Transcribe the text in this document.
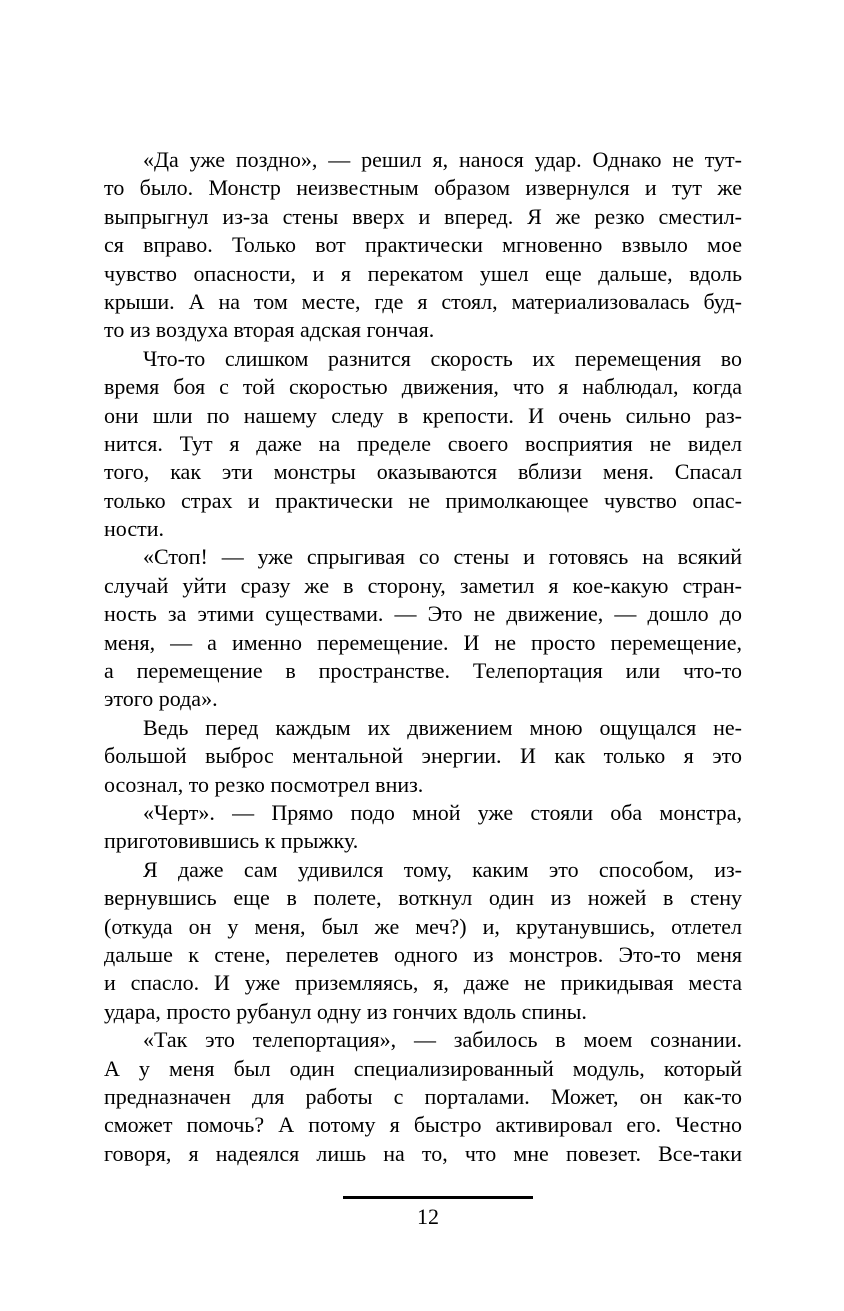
«Да уже поздно», — решил я, нанося удар. Однако не тут-
то было. Монстр неизвестным образом извернулся и тут же
выпрыгнул из-за стены вверх и вперед. Я же резко сместил-
ся вправо. Только вот практически мгновенно взвыло мое
чувство опасности, и я перекатом ушел еще дальше, вдоль
крыши. А на том месте, где я стоял, материализовалась буд-
то из воздуха вторая адская гончая.
Что-то слишком разнится скорость их перемещения во
время боя с той скоростью движения, что я наблюдал, когда
они шли по нашему следу в крепости. И очень сильно раз-
нится. Тут я даже на пределе своего восприятия не видел
того, как эти монстры оказываются вблизи меня. Спасал
только страх и практически не примолкающее чувство опас-
ности.
«Стоп! — уже спрыгивая со стены и готовясь на всякий
случай уйти сразу же в сторону, заметил я кое-какую стран-
ность за этими существами. — Это не движение, — дошло до
меня, — а именно перемещение. И не просто перемещение,
а перемещение в пространстве. Телепортация или что-то
этого рода».
Ведь перед каждым их движением мною ощущался не-
большой выброс ментальной энергии. И как только я это
осознал, то резко посмотрел вниз.
«Черт». — Прямо подо мной уже стояли оба монстра,
приготовившись к прыжку.
Я даже сам удивился тому, каким это способом, из-
вернувшись еще в полете, воткнул один из ножей в стену
(откуда он у меня, был же меч?) и, крутанувшись, отлетел
дальше к стене, перелетев одного из монстров. Это-то меня
и спасло. И уже приземляясь, я, даже не прикидывая места
удара, просто рубанул одну из гончих вдоль спины.
«Так это телепортация», — забилось в моем сознании.
А у меня был один специализированный модуль, который
предназначен для работы с порталами. Может, он как-то
сможет помочь? А потому я быстро активировал его. Честно
говоря, я надеялся лишь на то, что мне повезет. Все-таки
12
